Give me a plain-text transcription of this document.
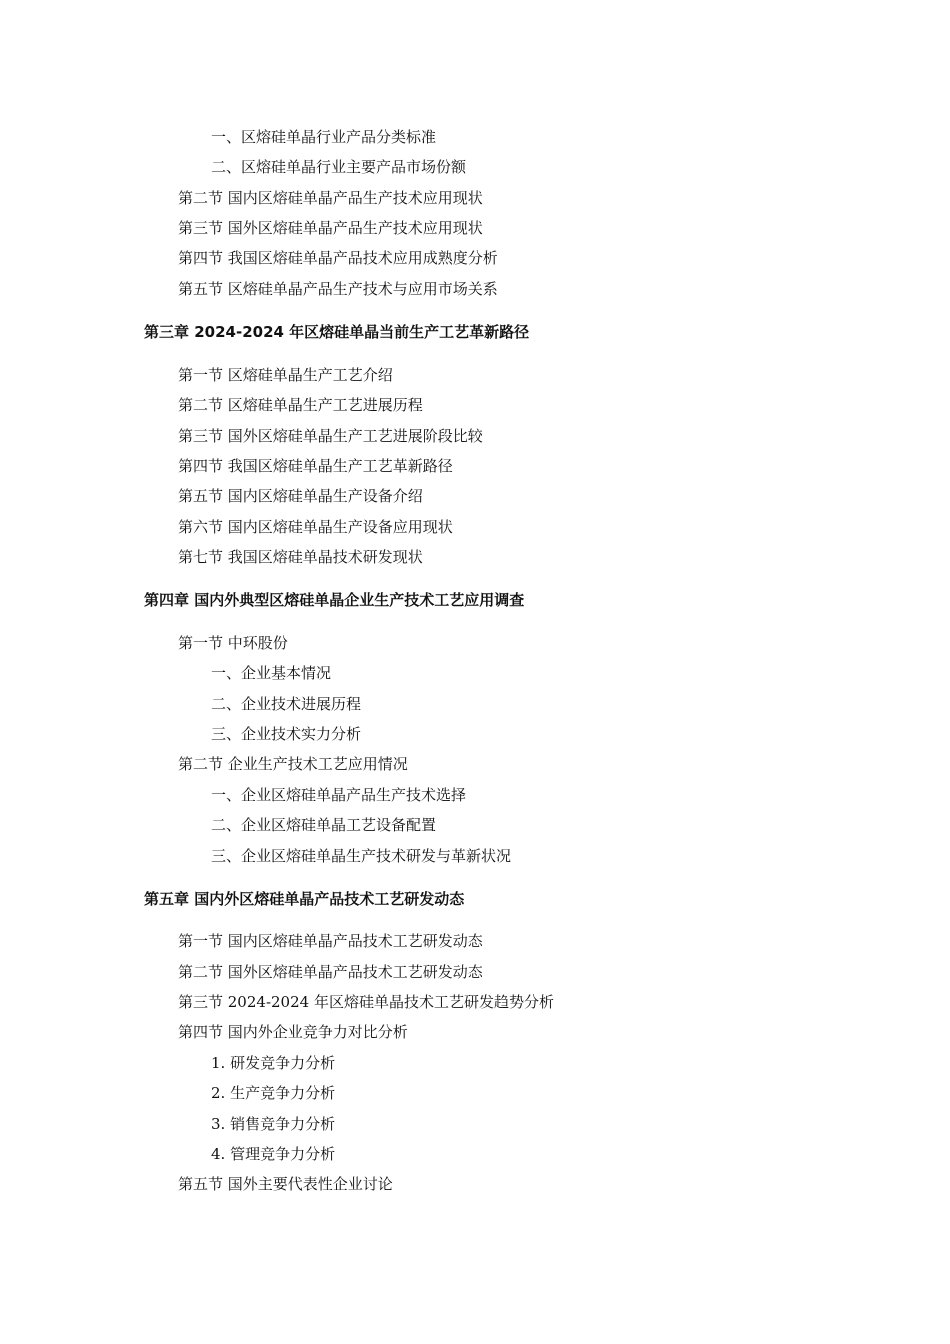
一、区熔硅单晶行业产品分类标准
二、区熔硅单晶行业主要产品市场份额
第二节 国内区熔硅单晶产品生产技术应用现状
第三节 国外区熔硅单晶产品生产技术应用现状
第四节 我国区熔硅单晶产品技术应用成熟度分析
第五节 区熔硅单晶产品生产技术与应用市场关系
第三章 2024-2024 年区熔硅单晶当前生产工艺革新路径
第一节 区熔硅单晶生产工艺介绍
第二节 区熔硅单晶生产工艺进展历程
第三节 国外区熔硅单晶生产工艺进展阶段比较
第四节 我国区熔硅单晶生产工艺革新路径
第五节 国内区熔硅单晶生产设备介绍
第六节 国内区熔硅单晶生产设备应用现状
第七节 我国区熔硅单晶技术研发现状
第四章 国内外典型区熔硅单晶企业生产技术工艺应用调查
第一节 中环股份
一、企业基本情况
二、企业技术进展历程
三、企业技术实力分析
第二节 企业生产技术工艺应用情况
一、企业区熔硅单晶产品生产技术选择
二、企业区熔硅单晶工艺设备配置
三、企业区熔硅单晶生产技术研发与革新状况
第五章 国内外区熔硅单晶产品技术工艺研发动态
第一节 国内区熔硅单晶产品技术工艺研发动态
第二节 国外区熔硅单晶产品技术工艺研发动态
第三节 2024-2024 年区熔硅单晶技术工艺研发趋势分析
第四节 国内外企业竞争力对比分析
1. 研发竞争力分析
2. 生产竞争力分析
3. 销售竞争力分析
4. 管理竞争力分析
第五节 国外主要代表性企业讨论
